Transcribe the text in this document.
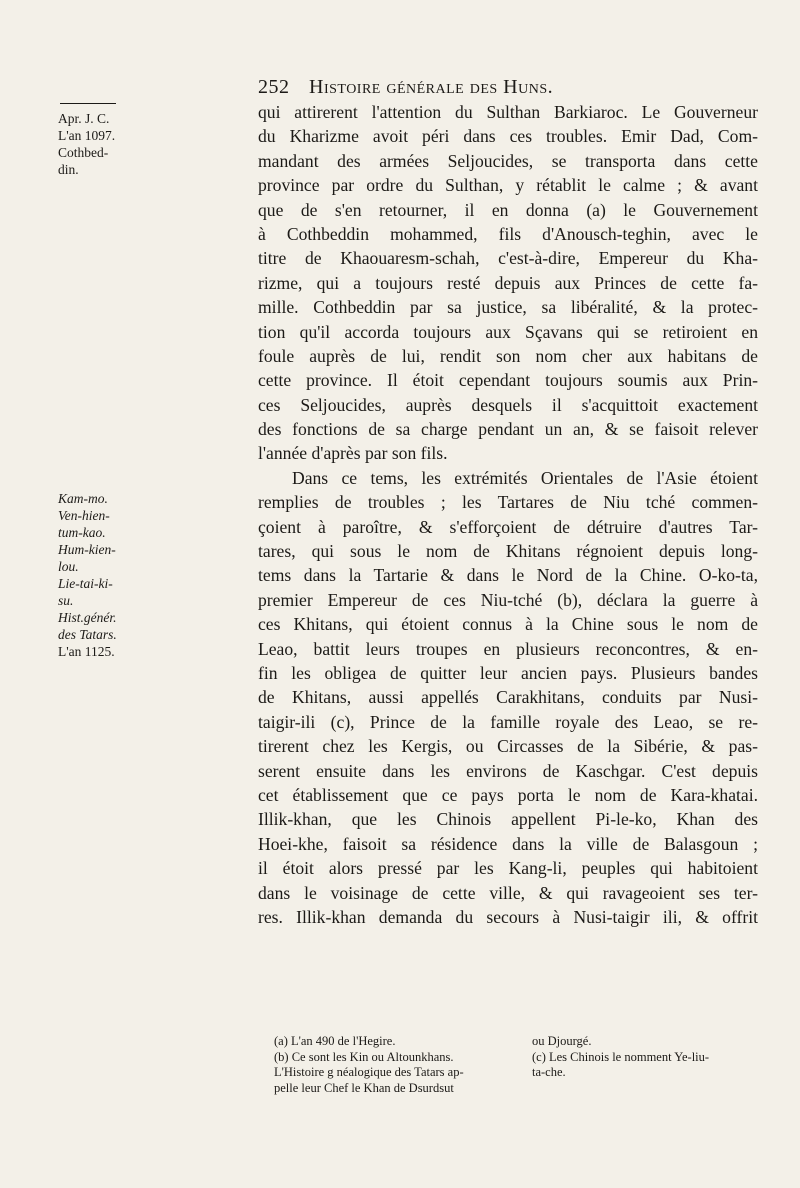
252 Histoire générale des Huns.
Apr. J. C.
L'an 1097.
Cothbed-
din.
Kam-mo.
Ven-hien-
tum-kao.
Hum-kien-
lou.
Lie-tai-ki-
su.
Hist.génér.
des Tatars.
L'an 1125.
qui attirerent l'attention du Sulthan Barkiaroc. Le Gouverneur
du Kharizme avoit péri dans ces troubles. Emir Dad, Com-
mandant des armées Seljoucides, se transporta dans cette
province par ordre du Sulthan, y rétablit le calme ; & avant
que de s'en retourner, il en donna (a) le Gouvernement
à Cothbeddin mohammed, fils d'Anousch-teghin, avec le
titre de Khaouaresm-schah, c'est-à-dire, Empereur du Kha-
rizme, qui a toujours resté depuis aux Princes de cette fa-
mille. Cothbeddin par sa justice, sa libéralité, & la protec-
tion qu'il accorda toujours aux Sçavans qui se retiroient en
foule auprès de lui, rendit son nom cher aux habitans de
cette province. Il étoit cependant toujours soumis aux Prin-
ces Seljoucides, auprès desquels il s'acquittoit exactement
des fonctions de sa charge pendant un an, & se faisoit relever
l'année d'après par son fils.
Dans ce tems, les extrémités Orientales de l'Asie étoient
remplies de troubles ; les Tartares de Niu tché commen-
çoient à paroître, & s'efforçoient de détruire d'autres Tar-
tares, qui sous le nom de Khitans régnoient depuis long-
tems dans la Tartarie & dans le Nord de la Chine. O-ko-ta,
premier Empereur de ces Niu-tché (b), déclara la guerre à
ces Khitans, qui étoient connus à la Chine sous le nom de
Leao, battit leurs troupes en plusieurs reconcontres, & en-
fin les obligea de quitter leur ancien pays. Plusieurs bandes
de Khitans, aussi appellés Carakhitans, conduits par Nusi-
taigir-ili (c), Prince de la famille royale des Leao, se re-
tirerent chez les Kergis, ou Circasses de la Sibérie, & pas-
serent ensuite dans les environs de Kaschgar. C'est depuis
cet établissement que ce pays porta le nom de Kara-khatai.
Illik-khan, que les Chinois appellent Pi-le-ko, Khan des
Hoei-khe, faisoit sa résidence dans la ville de Balasgoun ;
il étoit alors pressé par les Kang-li, peuples qui habitoient
dans le voisinage de cette ville, & qui ravageoient ses ter-
res. Illik-khan demanda du secours à Nusi-taigir ili, & offrit
(a) L'an 490 de l'Hegire.	ou Djourgé.
(b) Ce sont les Kin ou Altounkhans.	(c) Les Chinois le nomment Ye-liu-
L'Histoire g néalogique des Tatars ap-	ta-che.
pelle leur Chef le Khan de Dsurdsut
